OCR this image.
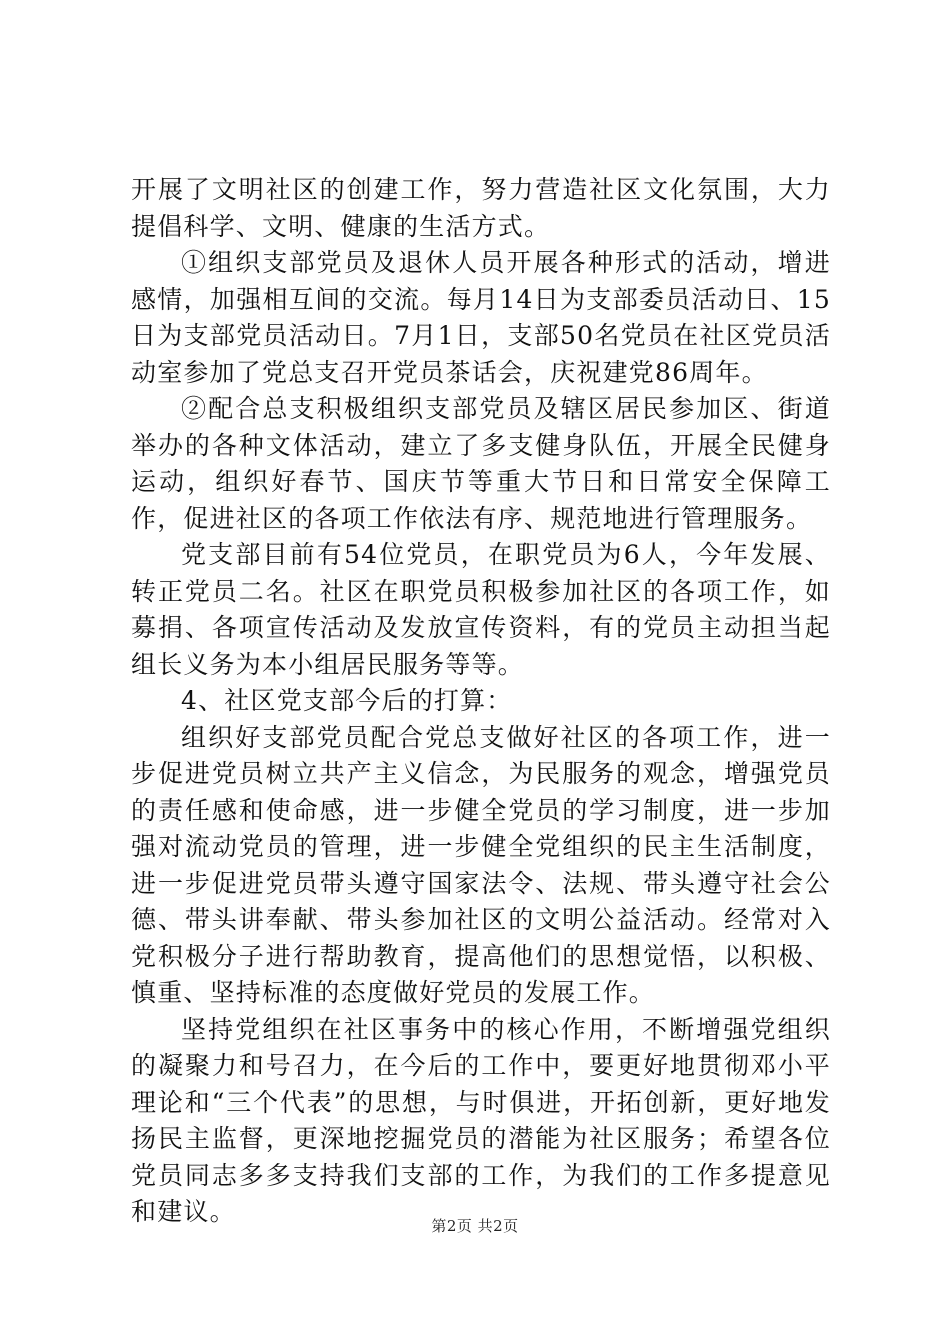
开展了文明社区的创建工作，努力营造社区文化氛围，大力提倡科学、文明、健康的生活方式。

①组织支部党员及退休人员开展各种形式的活动，增进感情，加强相互间的交流。每月14日为支部委员活动日、15日为支部党员活动日。7月1日，支部50名党员在社区党员活动室参加了党总支召开党员茶话会，庆祝建党86周年。

②配合总支积极组织支部党员及辖区居民参加区、街道举办的各种文体活动，建立了多支健身队伍，开展全民健身运动，组织好春节、国庆节等重大节日和日常安全保障工作，促进社区的各项工作依法有序、规范地进行管理服务。

党支部目前有54位党员，在职党员为6人，今年发展、转正党员二名。社区在职党员积极参加社区的各项工作，如募捐、各项宣传活动及发放宣传资料，有的党员主动担当起组长义务为本小组居民服务等等。

4、社区党支部今后的打算：

组织好支部党员配合党总支做好社区的各项工作，进一步促进党员树立共产主义信念，为民服务的观念，增强党员的责任感和使命感，进一步健全党员的学习制度，进一步加强对流动党员的管理，进一步健全党组织的民主生活制度，进一步促进党员带头遵守国家法令、法规、带头遵守社会公德、带头讲奉献、带头参加社区的文明公益活动。经常对入党积极分子进行帮助教育，提高他们的思想觉悟，以积极、慎重、坚持标准的态度做好党员的发展工作。

坚持党组织在社区事务中的核心作用，不断增强党组织的凝聚力和号召力，在今后的工作中，要更好地贯彻邓小平理论和“三个代表”的思想，与时俱进，开拓创新，更好地发扬民主监督，更深地挖掘党员的潜能为社区服务；希望各位党员同志多多支持我们支部的工作，为我们的工作多提意见和建议。	第2页 共2页
